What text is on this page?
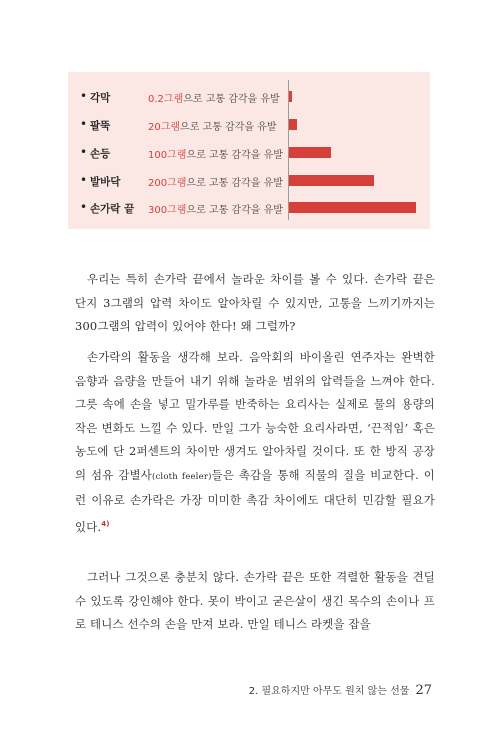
• 각막	0.2그램으로 고통 감각을 유발
• 팔뚝	20그램으로 고통 감각을 유발
• 손등	100그램으로 고통 감각을 유발
• 발바닥	200그램으로 고통 감각을 유발
• 손가락 끝 300그램으로 고통 감각을 유발

우리는 특히 손가락 끝에서 놀라운 차이를 볼 수 있다. 손가락 끝은 단지 3그램의 압력 차이도 알아차릴 수 있지만, 고통을 느끼기까지는 300그램의 압력이 있어야 한다! 왜 그럴까?

손가락의 활동을 생각해 보라. 음악회의 바이올린 연주자는 완벽한 음향과 음량을 만들어 내기 위해 놀라운 범위의 압력들을 느껴야 한다. 그릇 속에 손을 넣고 밀가루를 반죽하는 요리사는 실제로 물의 용량의 작은 변화도 느낄 수 있다. 만일 그가 능숙한 요리사라면, ‘끈적임’ 혹은 농도에 단 2퍼센트의 차이만 생겨도 알아차릴 것이다. 또 한 방직 공장의 섬유 감별사(cloth feeler)들은 촉감을 통해 직물의 질을 비교한다. 이런 이유로 손가락은 가장 미미한 촉감 차이에도 대단히 민감할 필요가 있다.$^{4)}$

그러나 그것으론 충분치 않다. 손가락 끝은 또한 격렬한 활동을 견딜 수 있도록 강인해야 한다. 못이 박이고 굳은살이 생긴 목수의 손이나 프로 테니스 선수의 손을 만져 보라. 만일 테니스 라켓을 잡을

2. 필요하지만 아무도 원치 않는 선물 27
